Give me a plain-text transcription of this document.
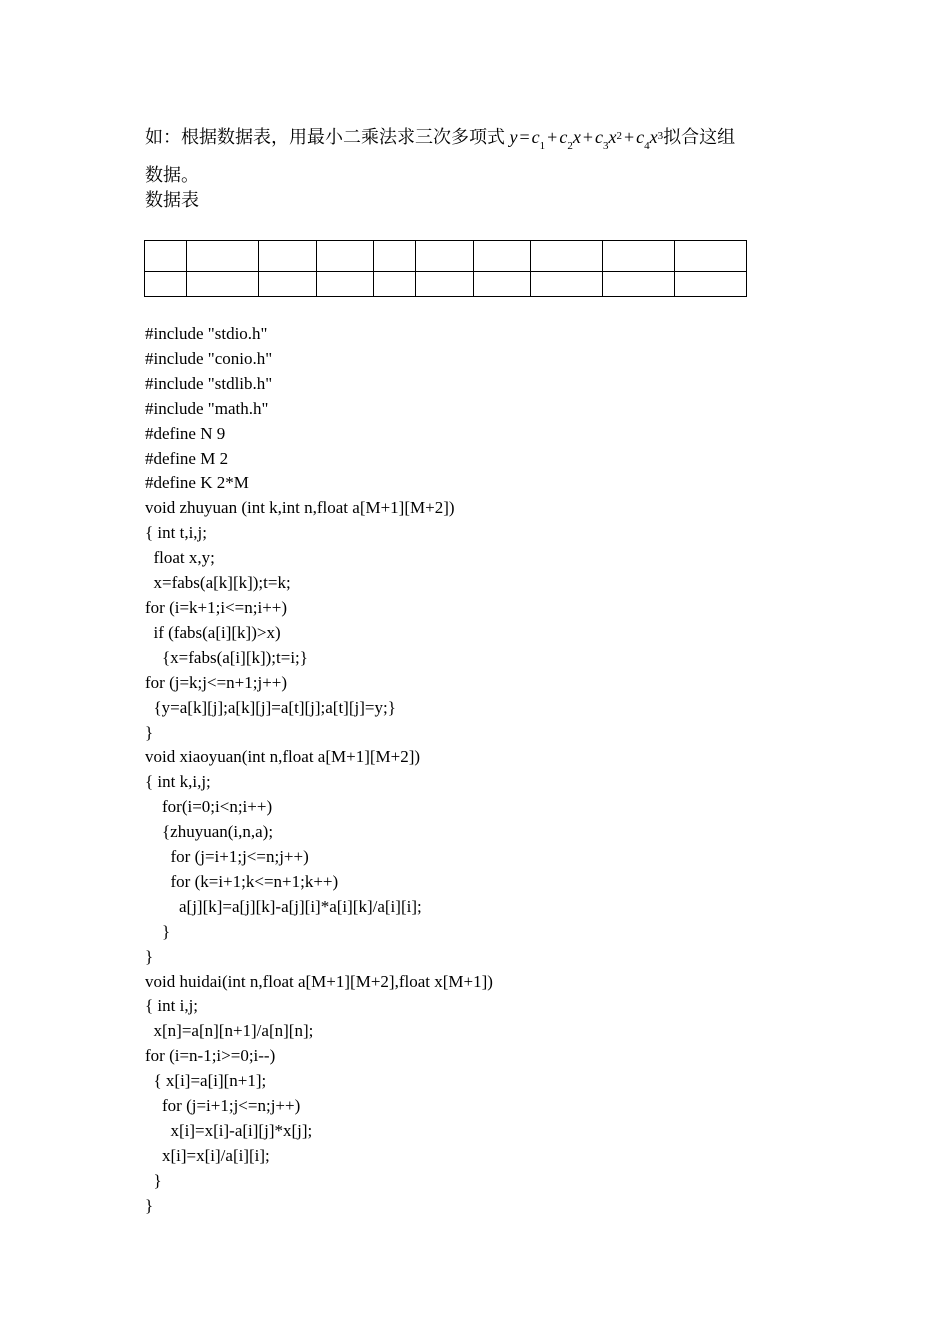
如：根据数据表，用最小二乘法求三次多项式 $y = c_1 + c_2x + c_3x^2 + c_4x^3$拟合这组
数据。
数据表

#include "stdio.h"
#include "conio.h"
#include "stdlib.h"
#include "math.h"
#define N 9
#define M 2
#define K 2*M
void zhuyuan (int k,int n,float a[M+1][M+2])
{ int t,i,j;
float x,y;
x=fabs(a[k][k]);t=k;
for (i=k+1;i<=n;i++)
if (fabs(a[i][k])>x)
{x=fabs(a[i][k]);t=i;}
for (j=k;j<=n+1;j++)
{y=a[k][j];a[k][j]=a[t][j];a[t][j]=y;}
}
void xiaoyuan(int n,float a[M+1][M+2])
{ int k,i,j;
for(i=0;i<n;i++)
{zhuyuan(i,n,a);
for (j=i+1;j<=n;j++)
for (k=i+1;k<=n+1;k++)
a[j][k]=a[j][k]-a[j][i]*a[i][k]/a[i][i];
}
}
void huidai(int n,float a[M+1][M+2],float x[M+1])
{ int i,j;
x[n]=a[n][n+1]/a[n][n];
for (i=n-1;i>=0;i--)
{ x[i]=a[i][n+1];
for (j=i+1;j<=n;j++)
x[i]=x[i]-a[i][j]*x[j];
x[i]=x[i]/a[i][i];
}
}
